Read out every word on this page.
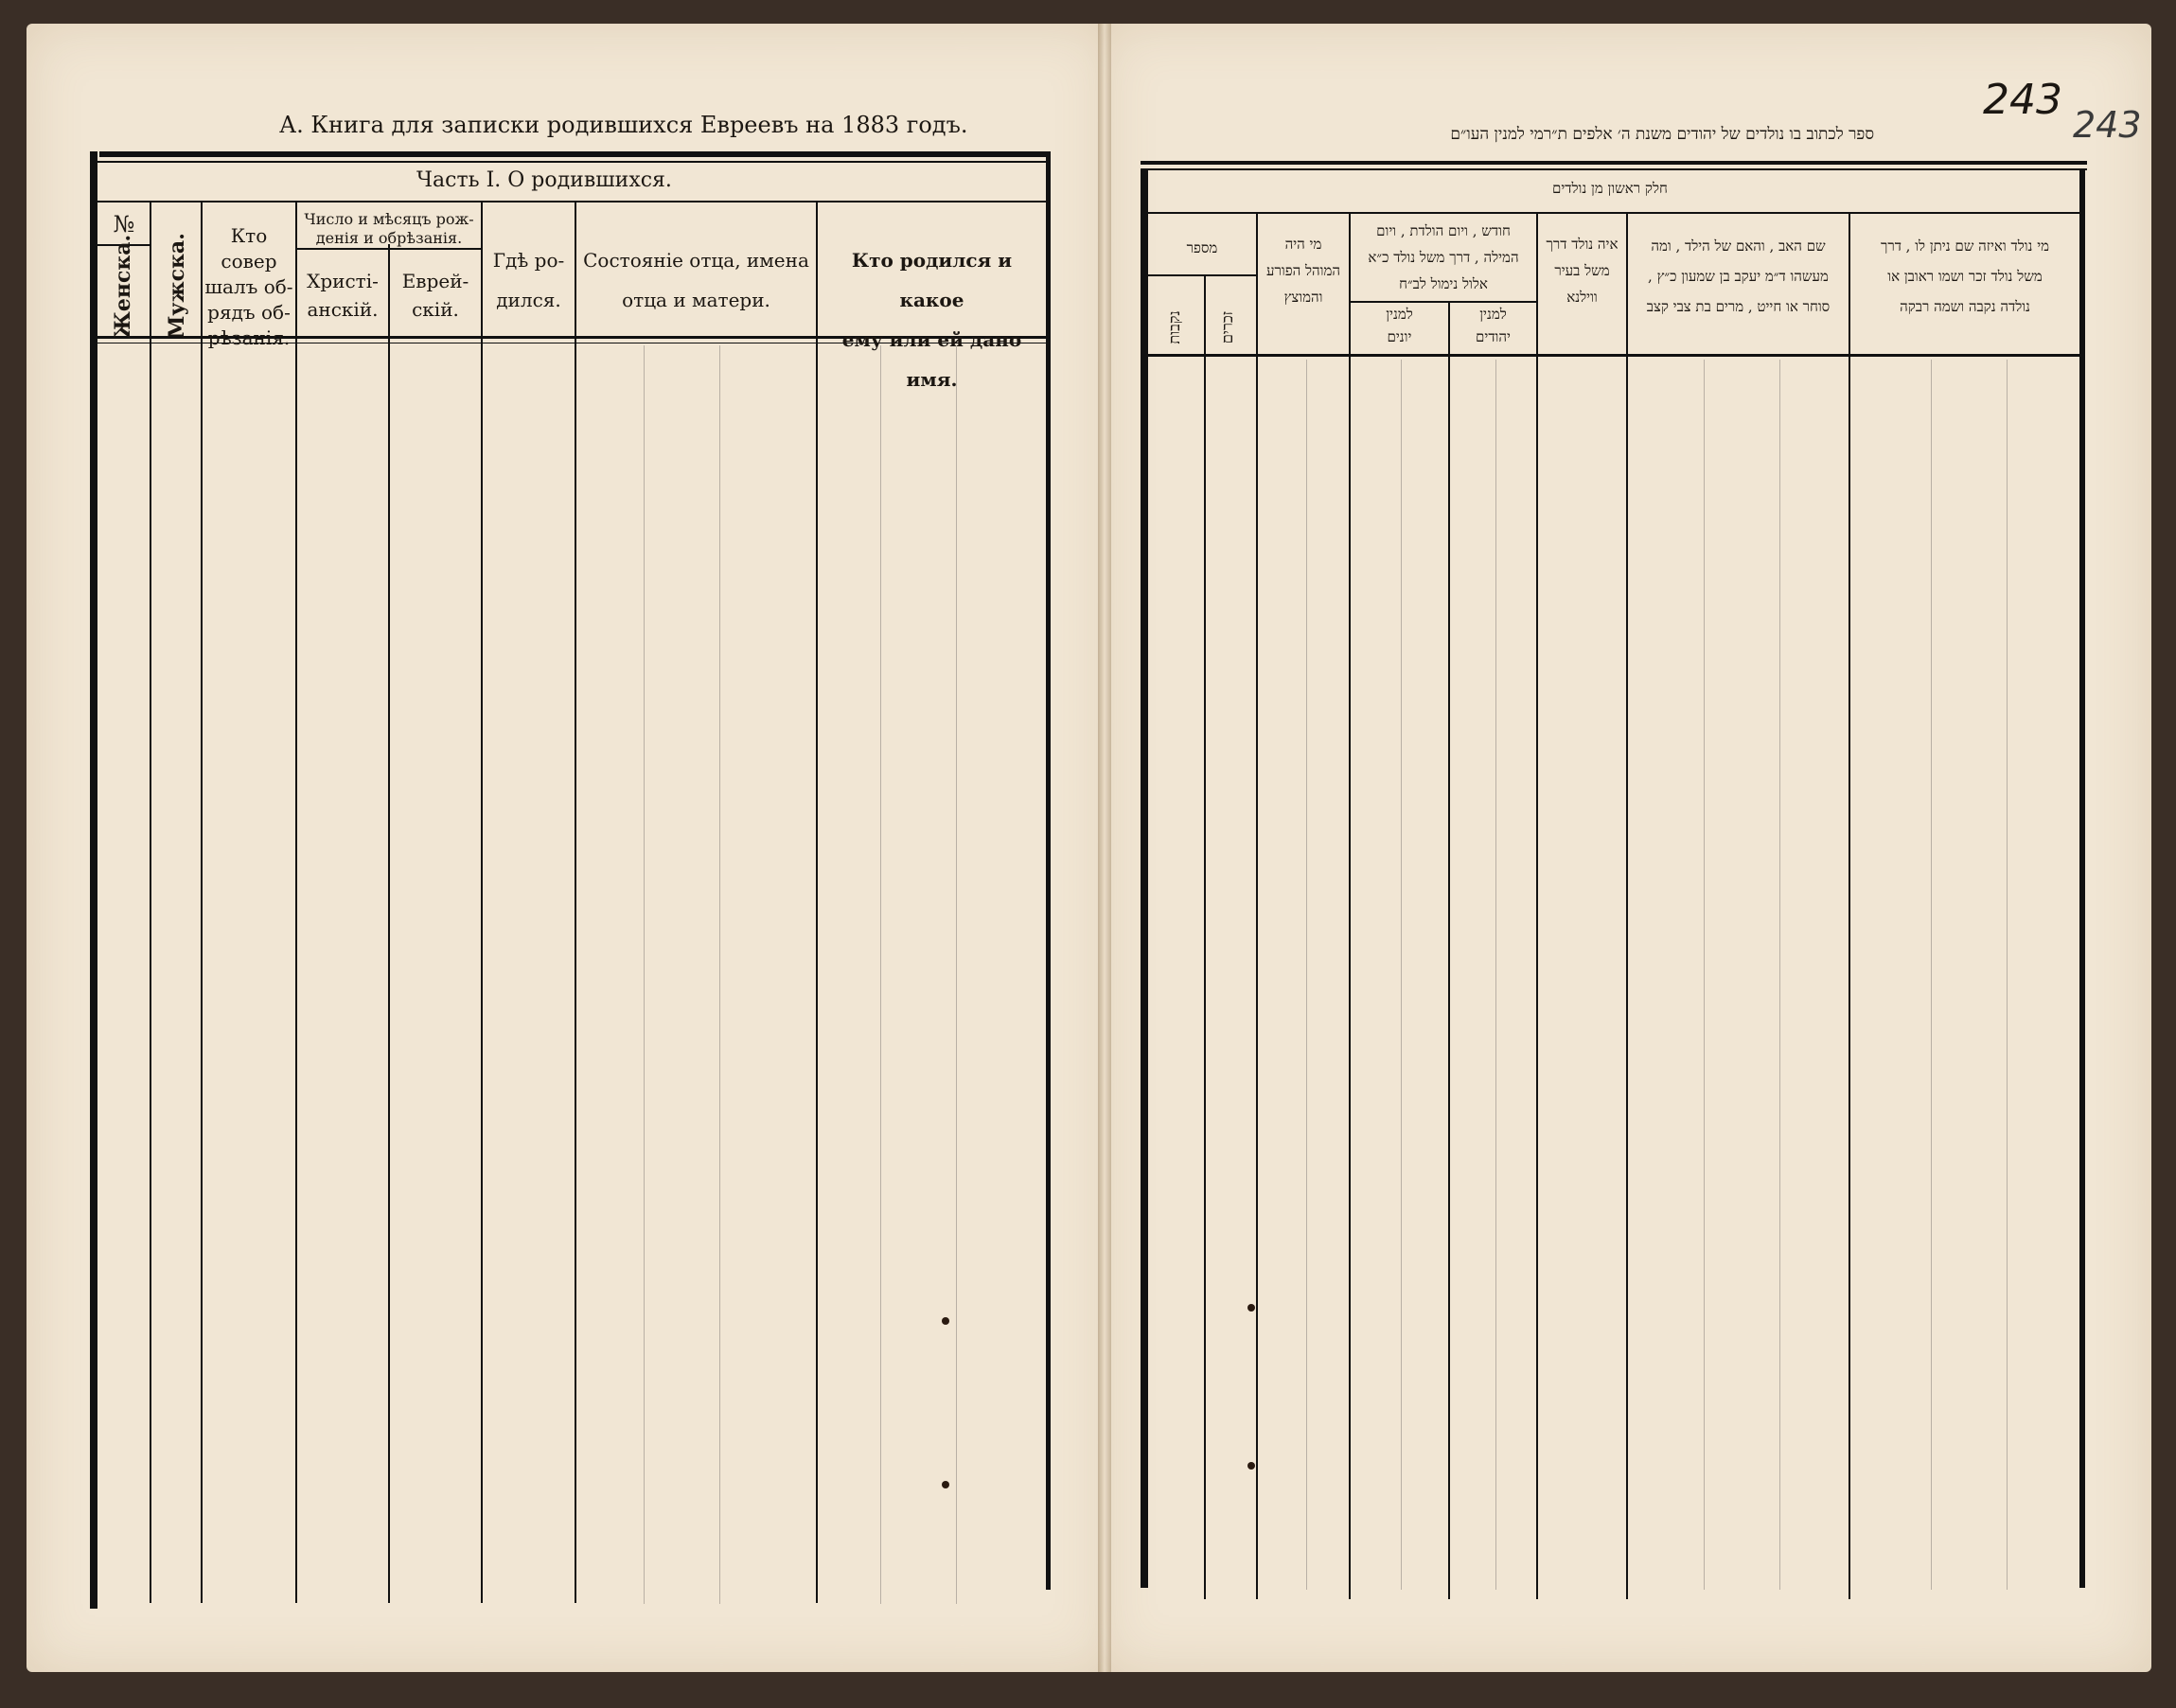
А. Книга для записки родившихся Евреевъ на 1883 годъ.
Часть I. О родившихся.
№
Женска. Мужска.	Кто совер
шалъ об-
рядъ об-
рѣзанія.
Число и мѣсяцъ рож-
денія и обрѣзанія.
Христі-
анскій.
Еврей-
скій.
Гдѣ ро-
дился.
Состояніе отца, имена
отца и матери.
Кто родился и какое
ему или ей дано имя.
ספר לכתוב בו נולדים של יהודים משנת ה׳ אלפים ת״רמי למנין העו״ם
243
243
חלק ראשון מן נולדים
מספר
נקבות זכרים
מי היה
המוהל הפורע
והמוצץ
חודש , ויום הולדת , ויום
המילה , דרך משל נולד כ״א
אלול נימול לב״ח
למנין
יונים
למנין
יהודים
איה נולד דרך
משל בעיר
ווילנא
שם האב , והאם של הילד , ומה
מעשהו ד״מ יעקב בן שמעון כ״ץ ,
סוחר או חייט , מרים בת צבי קצב
מי נולד ואיזה שם ניתן לו , דרך
משל נולד זכר ושמו ראובן או
נולדה נקבה ושמה רבקה
